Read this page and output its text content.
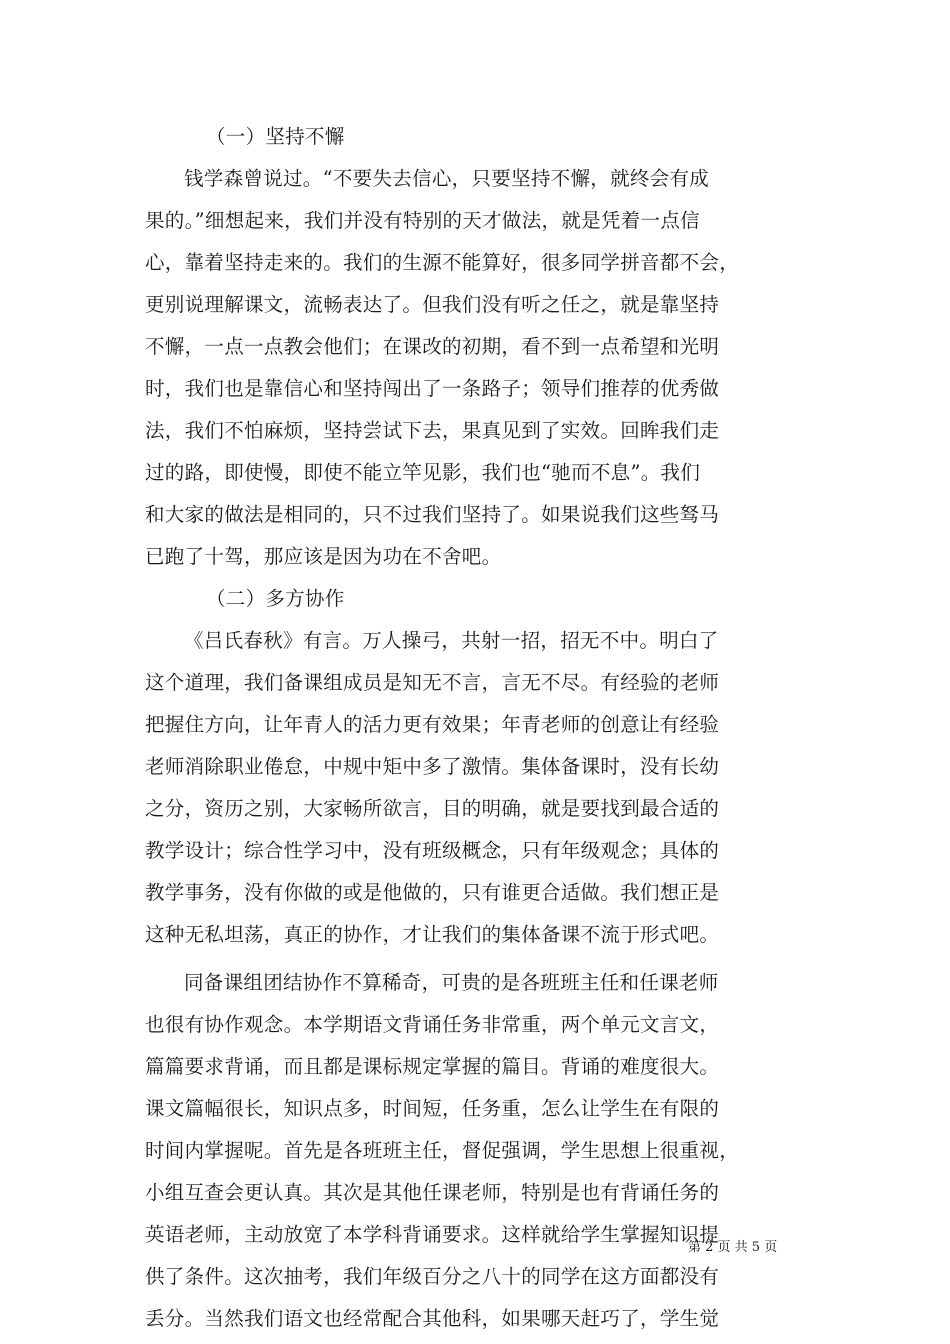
（一）坚持不懈
钱学森曾说过。“不要失去信心，只要坚持不懈，就终会有成
果的。”细想起来，我们并没有特别的天才做法，就是凭着一点信
心，靠着坚持走来的。我们的生源不能算好，很多同学拼音都不会，
更别说理解课文，流畅表达了。但我们没有听之任之，就是靠坚持
不懈，一点一点教会他们；在课改的初期，看不到一点希望和光明
时，我们也是靠信心和坚持闯出了一条路子；领导们推荐的优秀做
法，我们不怕麻烦，坚持尝试下去，果真见到了实效。回眸我们走
过的路，即使慢，即使不能立竿见影，我们也“驰而不息”。我们
和大家的做法是相同的，只不过我们坚持了。如果说我们这些驽马
已跑了十驾，那应该是因为功在不舍吧。
（二）多方协作
《吕氏春秋》有言。万人操弓，共射一招，招无不中。明白了
这个道理，我们备课组成员是知无不言，言无不尽。有经验的老师
把握住方向，让年青人的活力更有效果；年青老师的创意让有经验
老师消除职业倦怠，中规中矩中多了激情。集体备课时，没有长幼
之分，资历之别，大家畅所欲言，目的明确，就是要找到最合适的
教学设计；综合性学习中，没有班级概念，只有年级观念；具体的
教学事务，没有你做的或是他做的，只有谁更合适做。我们想正是
这种无私坦荡，真正的协作，才让我们的集体备课不流于形式吧。
同备课组团结协作不算稀奇，可贵的是各班班主任和任课老师
也很有协作观念。本学期语文背诵任务非常重，两个单元文言文，
篇篇要求背诵，而且都是课标规定掌握的篇目。背诵的难度很大。
课文篇幅很长，知识点多，时间短，任务重，怎么让学生在有限的
时间内掌握呢。首先是各班班主任，督促强调，学生思想上很重视，
小组互查会更认真。其次是其他任课老师，特别是也有背诵任务的
英语老师，主动放宽了本学科背诵要求。这样就给学生掌握知识提
供了条件。这次抽考，我们年级百分之八十的同学在这方面都没有
丢分。当然我们语文也经常配合其他科，如果哪天赶巧了，学生觉
第 2 页 共 5 页
